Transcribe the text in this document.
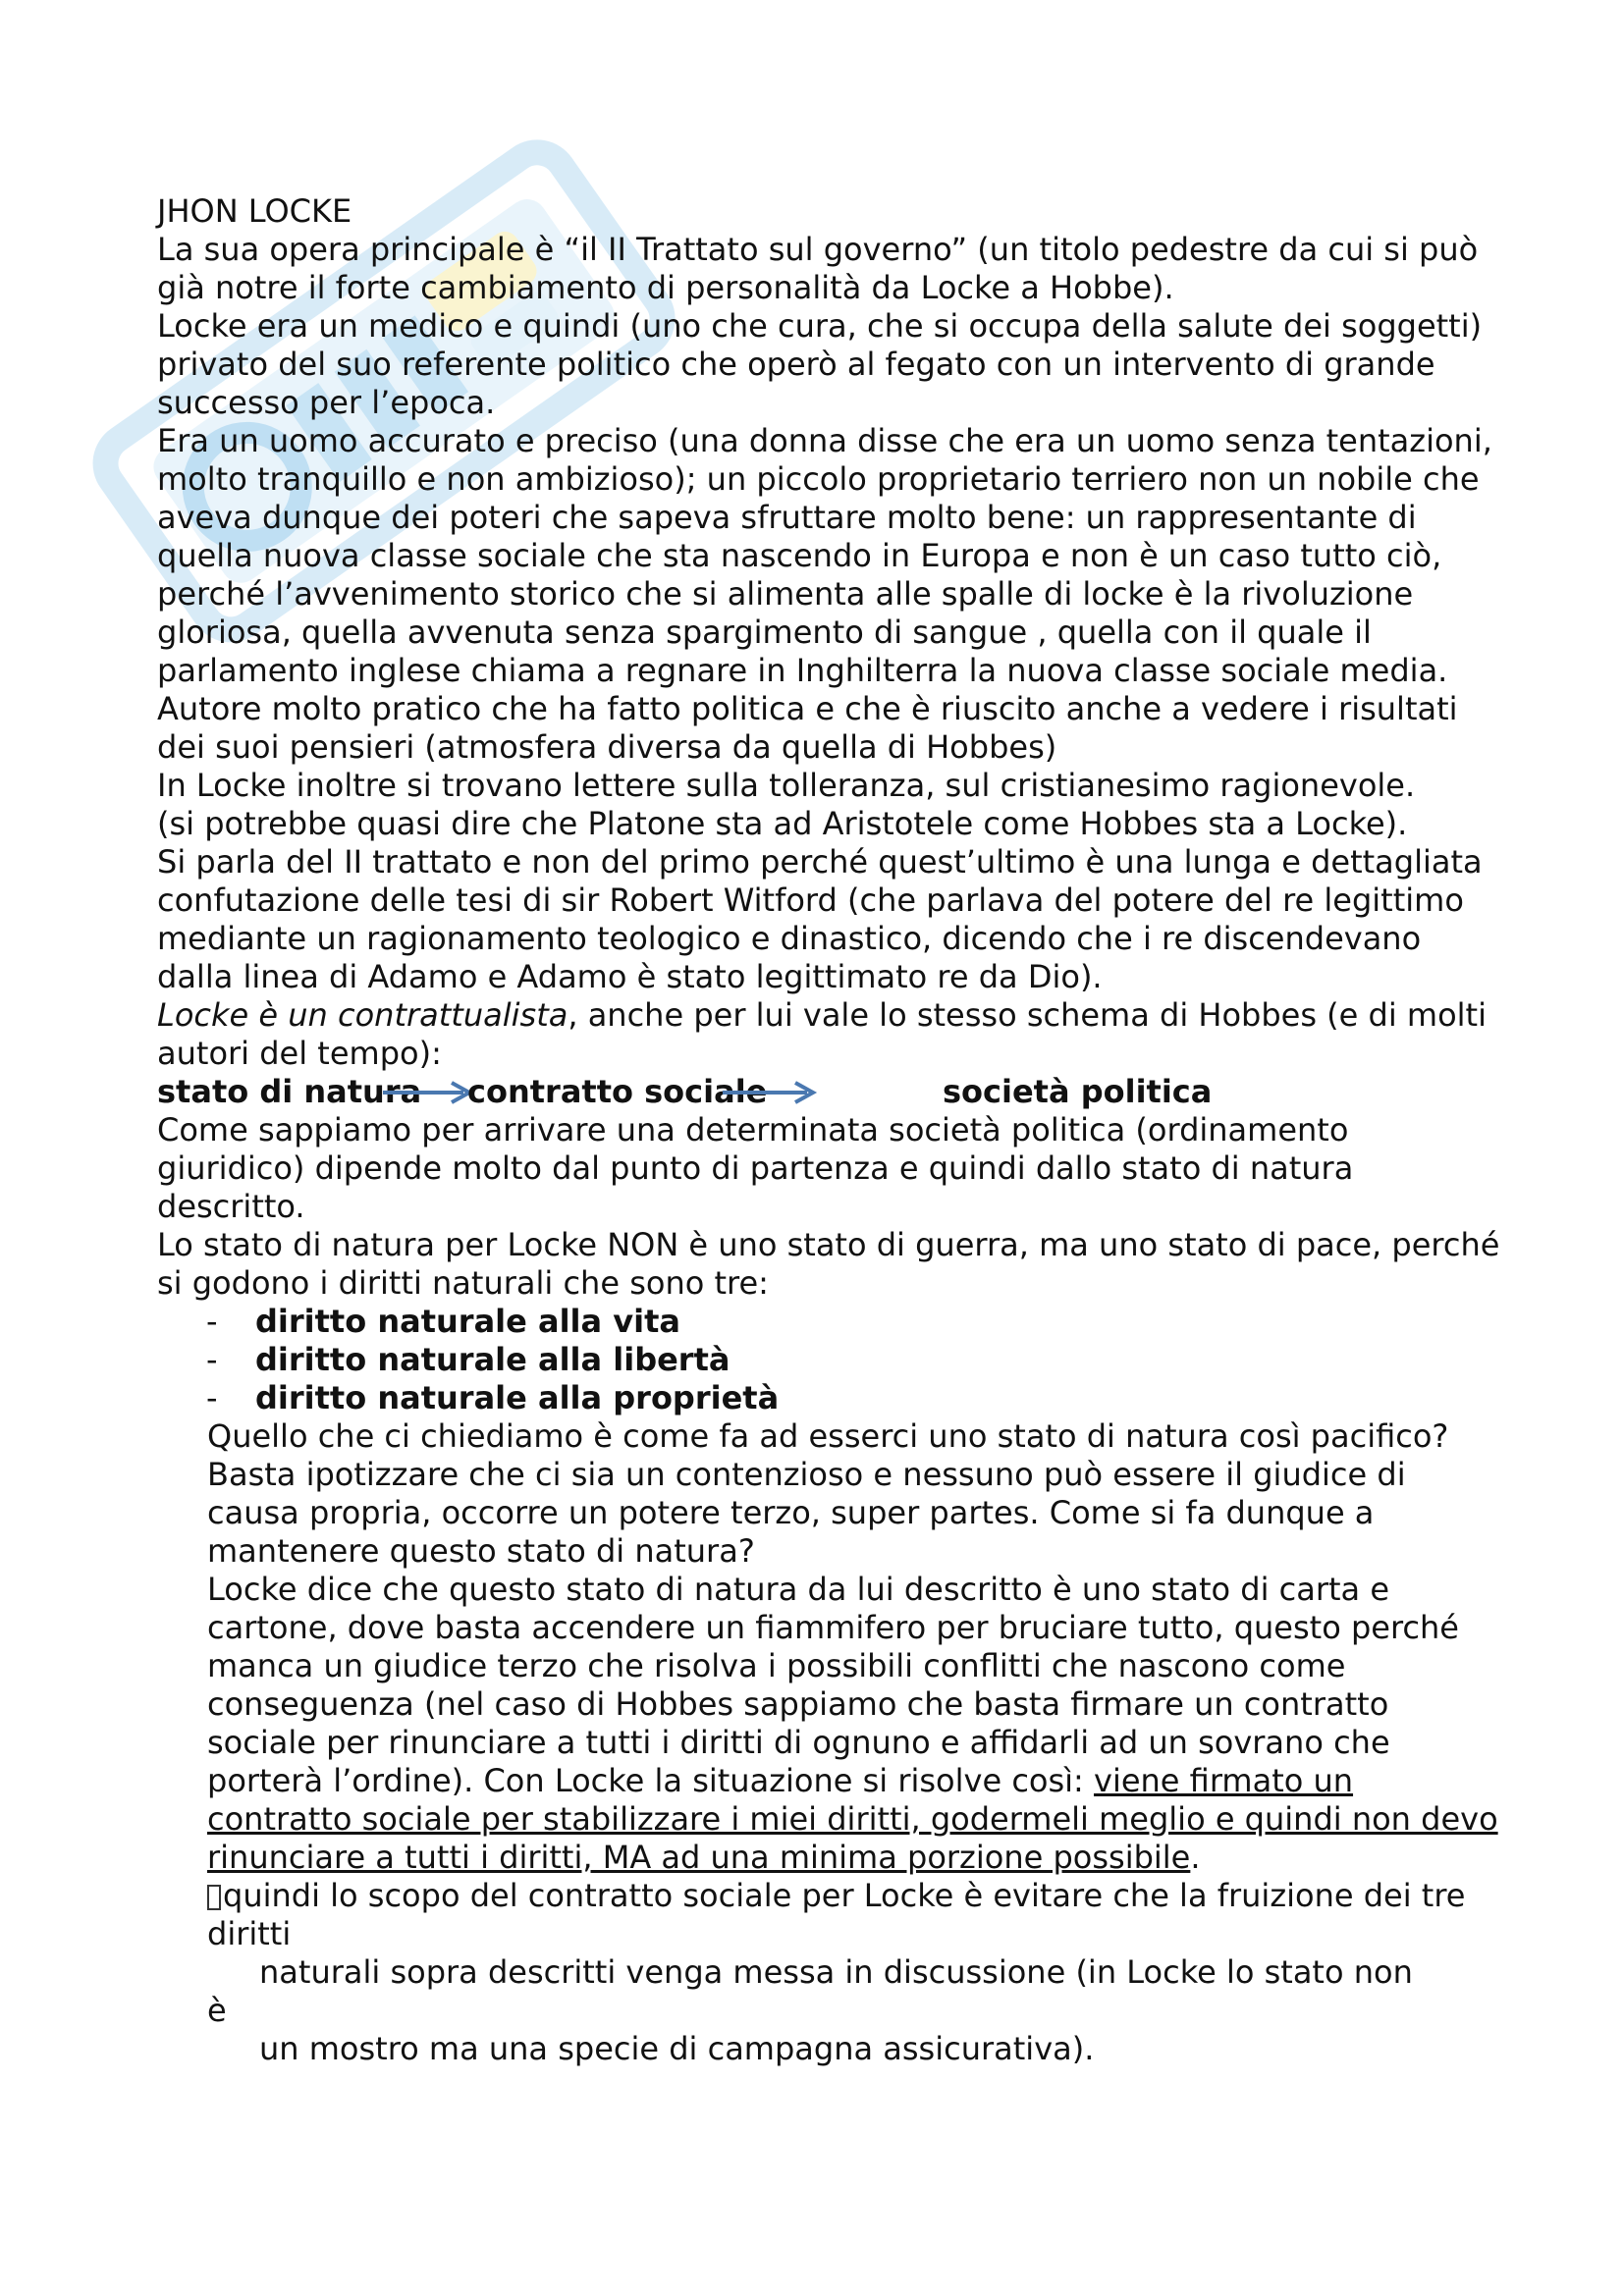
JHON LOCKE

La sua opera principale è “il II Trattato sul governo” (un titolo pedestre da cui si può già notre il forte cambiamento di personalità da Locke a Hobbe).

Locke era un medico e quindi (uno che cura, che si occupa della salute dei soggetti) privato del suo referente politico che operò al fegato con un intervento di grande successo per l’epoca.

Era un uomo accurato e preciso (una donna disse che era un uomo senza tentazioni, molto tranquillo e non ambizioso); un piccolo proprietario terriero non un nobile che aveva dunque dei poteri che sapeva sfruttare molto bene: un rappresentante di quella nuova classe sociale che sta nascendo in Europa e non è un caso tutto ciò, perché l’avvenimento storico che si alimenta alle spalle di locke è la rivoluzione gloriosa, quella avvenuta senza spargimento di sangue , quella con il quale il parlamento inglese chiama a regnare in Inghilterra la nuova classe sociale media.

Autore molto pratico che ha fatto politica e che è riuscito anche a vedere i risultati dei suoi pensieri (atmosfera diversa da quella di Hobbes)

In Locke inoltre si trovano lettere sulla tolleranza, sul cristianesimo ragionevole.

(si potrebbe quasi dire che Platone sta ad Aristotele come Hobbes sta a Locke).

Si parla del II trattato e non del primo perché quest’ultimo è una lunga e dettagliata confutazione delle tesi di sir Robert Witford (che parlava del potere del re legittimo mediante un ragionamento teologico e dinastico, dicendo che i re discendevano dalla linea di Adamo e Adamo è stato legittimato re da Dio).

Locke è un contrattualista, anche per lui vale lo stesso schema di Hobbes (e di molti autori del tempo):

stato di natura contratto sociale	società politica

Come sappiamo per arrivare una determinata società politica (ordinamento giuridico) dipende molto dal punto di partenza e quindi dallo stato di natura descritto.

Lo stato di natura per Locke NON è uno stato di guerra, ma uno stato di pace, perché si godono i diritti naturali che sono tre:

- diritto naturale alla vita
- diritto naturale alla libertà
- diritto naturale alla proprietà

Quello che ci chiediamo è come fa ad esserci uno stato di natura così pacifico? Basta ipotizzare che ci sia un contenzioso e nessuno può essere il giudice di causa propria, occorre un potere terzo, super partes. Come si fa dunque a mantenere questo stato di natura?

Locke dice che questo stato di natura da lui descritto è uno stato di carta e cartone, dove basta accendere un fiammifero per bruciare tutto, questo perché manca un giudice terzo che risolva i possibili conflitti che nascono come conseguenza (nel caso di Hobbes sappiamo che basta firmare un contratto sociale per rinunciare a tutti i diritti di ognuno e affidarli ad un sovrano che porterà l’ordine). Con Locke la situazione si risolve così: viene firmato un contratto sociale per stabilizzare i miei diritti, godermeli meglio e quindi non devo rinunciare a tutti i diritti, MA ad una minima porzione possibile.

quindi lo scopo del contratto sociale per Locke è evitare che la fruizione dei tre diritti

naturali sopra descritti venga messa in discussione (in Locke lo stato non

è

un mostro ma una specie di campagna assicurativa).
